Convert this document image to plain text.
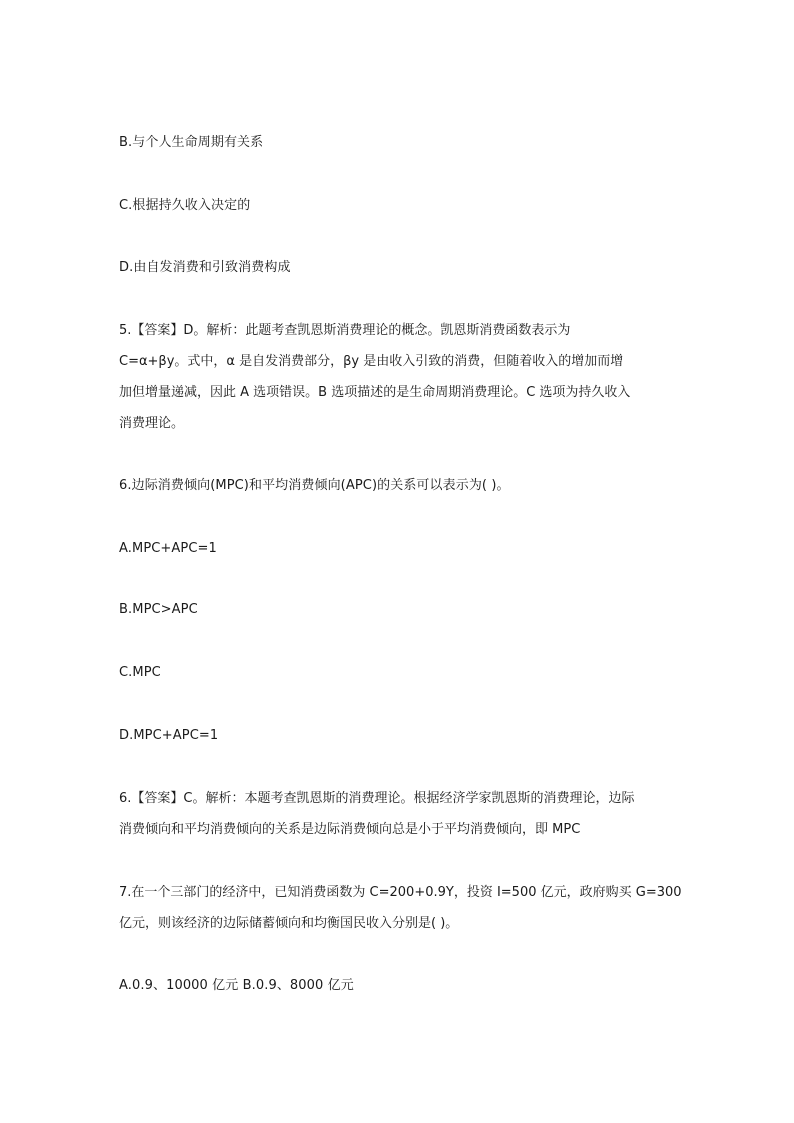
B.与个人生命周期有关系
C.根据持久收入决定的
D.由自发消费和引致消费构成
5.【答案】D。解析：此题考查凯恩斯消费理论的概念。凯恩斯消费函数表示为
C=α+βy。式中，α 是自发消费部分，βy 是由收入引致的消费，但随着收入的增加而增
加但增量递减，因此 A 选项错误。B 选项描述的是生命周期消费理论。C 选项为持久收入
消费理论。
6.边际消费倾向(MPC)和平均消费倾向(APC)的关系可以表示为( )。
A.MPC+APC=1
B.MPC>APC
C.MPC
D.MPC+APC=1
6.【答案】C。解析：本题考查凯恩斯的消费理论。根据经济学家凯恩斯的消费理论，边际
消费倾向和平均消费倾向的关系是边际消费倾向总是小于平均消费倾向，即 MPC
7.在一个三部门的经济中，已知消费函数为 C=200+0.9Y，投资 I=500 亿元，政府购买 G=300
亿元，则该经济的边际储蓄倾向和均衡国民收入分别是( )。
A.0.9、10000 亿元 B.0.9、8000 亿元
